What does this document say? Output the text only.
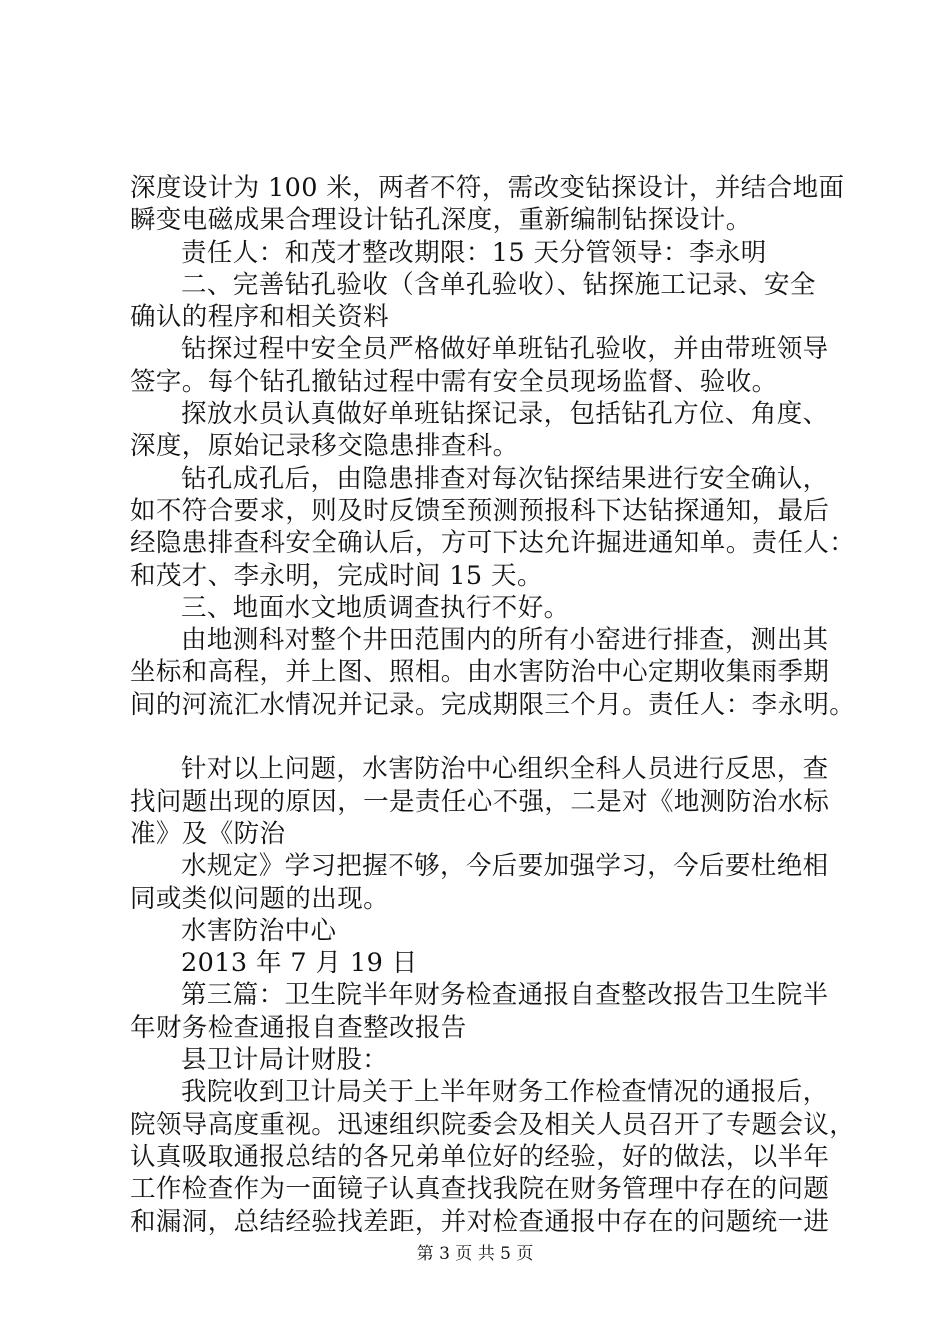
深度设计为 100 米，两者不符，需改变钻探设计，并结合地面
瞬变电磁成果合理设计钻孔深度，重新编制钻探设计。
责任人：和茂才整改期限：15 天分管领导：李永明
二、完善钻孔验收（含单孔验收）、钻探施工记录、安全
确认的程序和相关资料
钻探过程中安全员严格做好单班钻孔验收，并由带班领导
签字。每个钻孔撤钻过程中需有安全员现场监督、验收。
探放水员认真做好单班钻探记录，包括钻孔方位、角度、
深度，原始记录移交隐患排查科。
钻孔成孔后，由隐患排查对每次钻探结果进行安全确认，
如不符合要求，则及时反馈至预测预报科下达钻探通知，最后
经隐患排查科安全确认后，方可下达允许掘进通知单。责任人：
和茂才、李永明，完成时间 15 天。
三、地面水文地质调查执行不好。
由地测科对整个井田范围内的所有小窑进行排查，测出其
坐标和高程，并上图、照相。由水害防治中心定期收集雨季期
间的河流汇水情况并记录。完成期限三个月。责任人：李永明。
针对以上问题，水害防治中心组织全科人员进行反思，查
找问题出现的原因，一是责任心不强，二是对《地测防治水标
准》及《防治
水规定》学习把握不够，今后要加强学习，今后要杜绝相
同或类似问题的出现。
水害防治中心
2013 年 7 月 19 日
第三篇：卫生院半年财务检查通报自查整改报告卫生院半
年财务检查通报自查整改报告
县卫计局计财股：
我院收到卫计局关于上半年财务工作检查情况的通报后，
院领导高度重视。迅速组织院委会及相关人员召开了专题会议，
认真吸取通报总结的各兄弟单位好的经验，好的做法，以半年
工作检查作为一面镜子认真查找我院在财务管理中存在的问题
和漏洞，总结经验找差距，并对检查通报中存在的问题统一进
第 3 页 共 5 页
